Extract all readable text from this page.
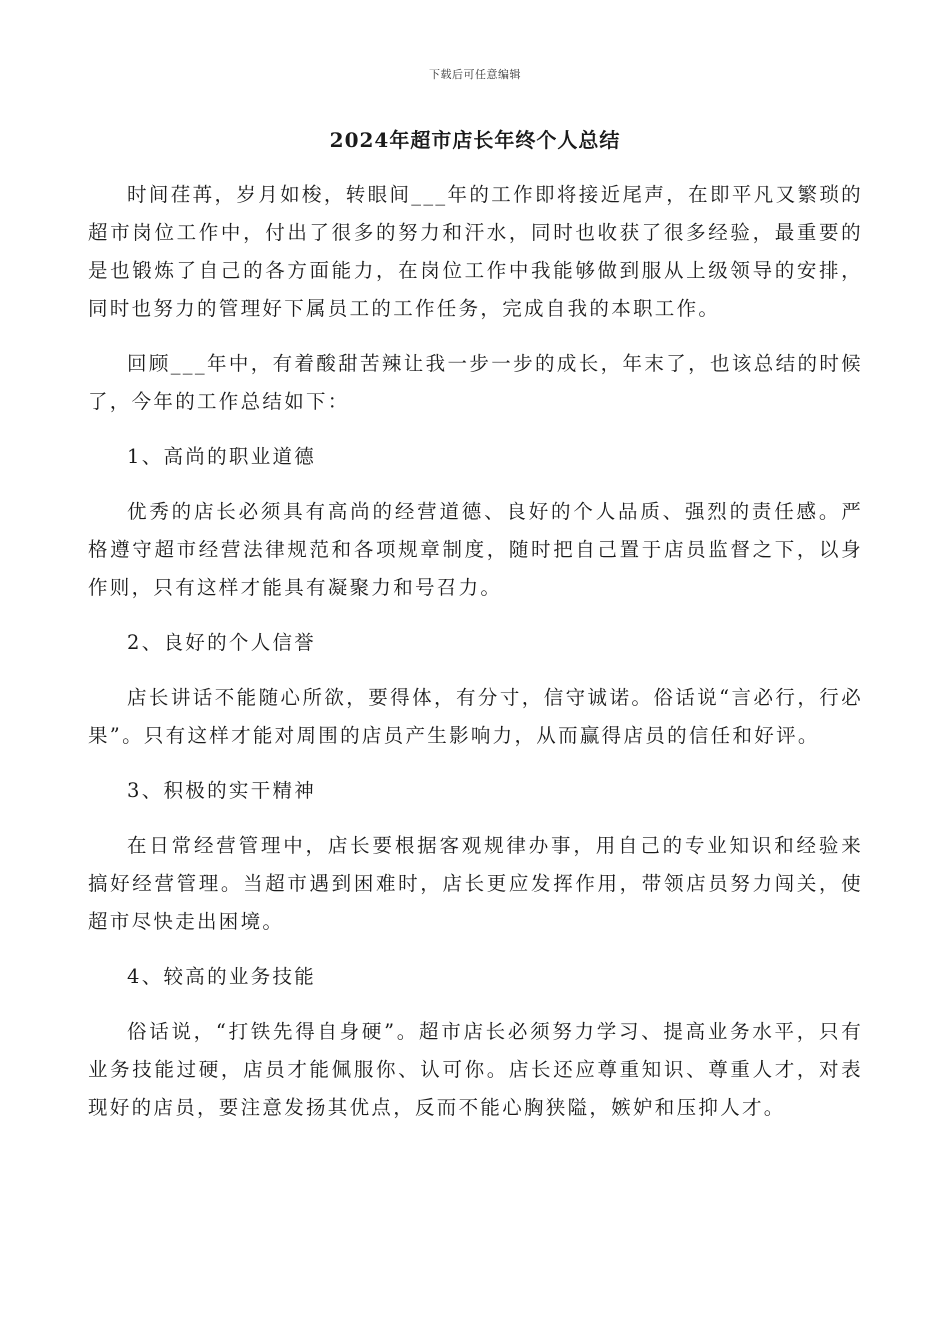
下载后可任意编辑
2024年超市店长年终个人总结

时间荏苒，岁月如梭，转眼间___年的工作即将接近尾声，在即平凡又繁琐的超市岗位工作中，付出了很多的努力和汗水，同时也收获了很多经验，最重要的是也锻炼了自己的各方面能力，在岗位工作中我能够做到服从上级领导的安排，同时也努力的管理好下属员工的工作任务，完成自我的本职工作。

回顾___年中，有着酸甜苦辣让我一步一步的成长，年末了，也该总结的时候了，今年的工作总结如下：

1、高尚的职业道德

优秀的店长必须具有高尚的经营道德、良好的个人品质、强烈的责任感。严格遵守超市经营法律规范和各项规章制度，随时把自己置于店员监督之下，以身作则，只有这样才能具有凝聚力和号召力。

2、良好的个人信誉

店长讲话不能随心所欲，要得体，有分寸，信守诚诺。俗话说“言必行，行必果”。只有这样才能对周围的店员产生影响力，从而赢得店员的信任和好评。

3、积极的实干精神

在日常经营管理中，店长要根据客观规律办事，用自己的专业知识和经验来搞好经营管理。当超市遇到困难时，店长更应发挥作用，带领店员努力闯关，使超市尽快走出困境。

4、较高的业务技能

俗话说，“打铁先得自身硬”。超市店长必须努力学习、提高业务水平，只有业务技能过硬，店员才能佩服你、认可你。店长还应尊重知识、尊重人才，对表现好的店员，要注意发扬其优点，反而不能心胸狭隘，嫉妒和压抑人才。
